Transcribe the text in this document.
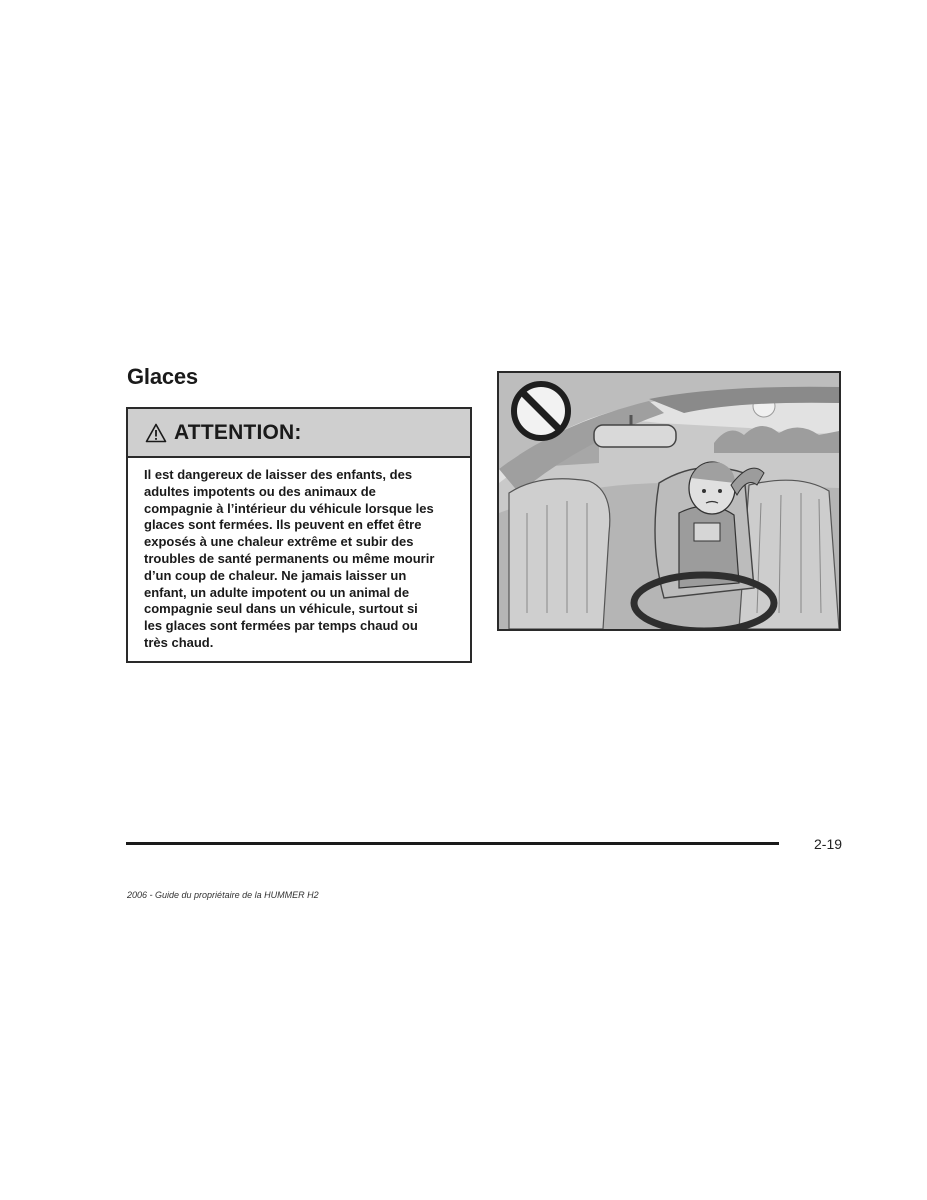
Glaces
ATTENTION:

Il est dangereux de laisser des enfants, des
adultes impotents ou des animaux de
compagnie à l’intérieur du véhicule lorsque les
glaces sont fermées. Ils peuvent en effet être
exposés à une chaleur extrême et subir des
troubles de santé permanents ou même mourir
d’un coup de chaleur. Ne jamais laisser un
enfant, un adulte impotent ou un animal de
compagnie seul dans un véhicule, surtout si
les glaces sont fermées par temps chaud ou
très chaud.

2-19
2006 - Guide du propriétaire de la HUMMER H2
